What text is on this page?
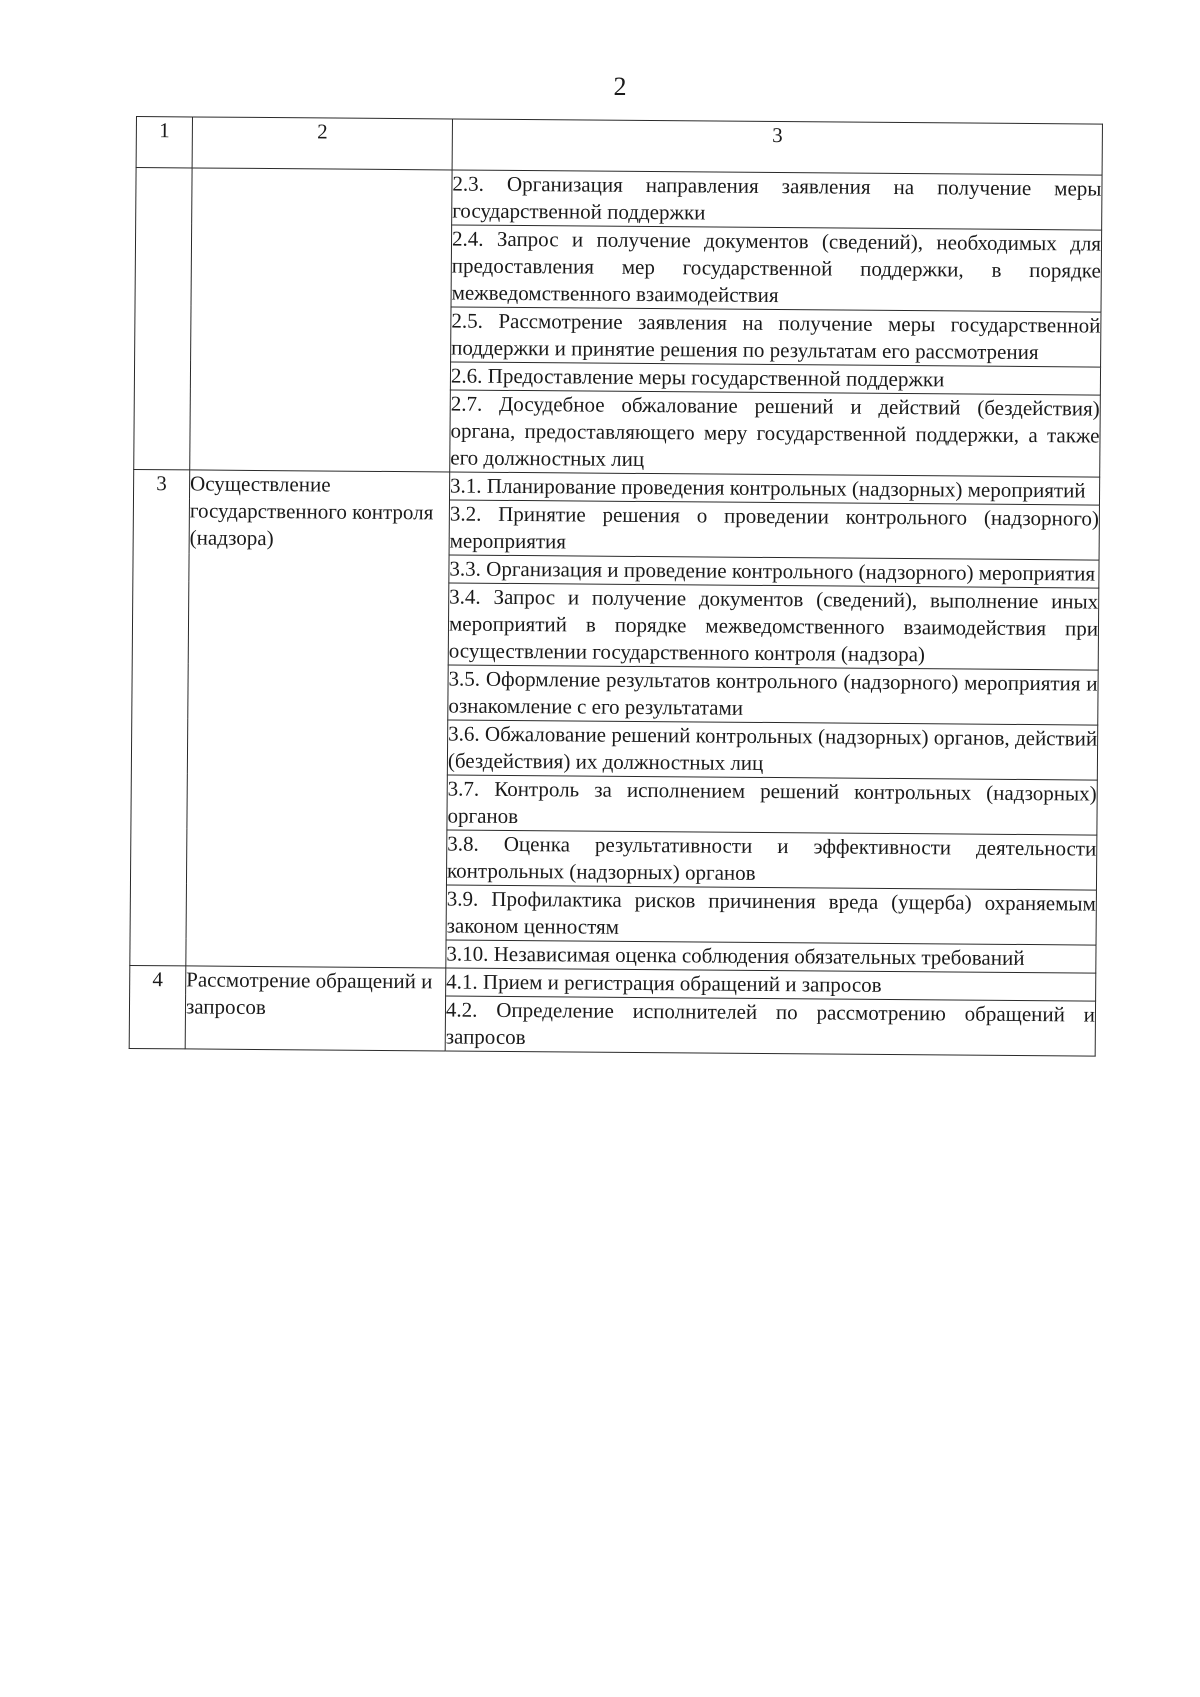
2
1	2	3
		2.3. Организация направления заявления на получение меры государственной поддержки
		2.4. Запрос и получение документов (сведений), необходимых для предоставления мер государственной поддержки, в порядке межведомственного взаимодействия
		2.5. Рассмотрение заявления на получение меры государственной поддержки и принятие решения по результатам его рассмотрения
		2.6. Предоставление меры государственной поддержки
		2.7. Досудебное обжалование решений и действий (бездействия) органа, предоставляющего меру государственной поддержки, а также его должностных лиц
3	Осуществление государственного контроля (надзора)	3.1. Планирование проведения контрольных (надзорных) мероприятий
		3.2. Принятие решения о проведении контрольного (надзорного) мероприятия
		3.3. Организация и проведение контрольного (надзорного) мероприятия
		3.4. Запрос и получение документов (сведений), выполнение иных мероприятий в порядке межведомственного взаимодействия при осуществлении государственного контроля (надзора)
		3.5. Оформление результатов контрольного (надзорного) мероприятия и ознакомление с его результатами
		3.6. Обжалование решений контрольных (надзорных) органов, действий (бездействия) их должностных лиц
		3.7. Контроль за исполнением решений контрольных (надзорных) органов
		3.8. Оценка результативности и эффективности деятельности контрольных (надзорных) органов
		3.9. Профилактика рисков причинения вреда (ущерба) охраняемым законом ценностям
		3.10. Независимая оценка соблюдения обязательных требований
4	Рассмотрение обращений и запросов	4.1. Прием и регистрация обращений и запросов
		4.2. Определение исполнителей по рассмотрению обращений и запросов
